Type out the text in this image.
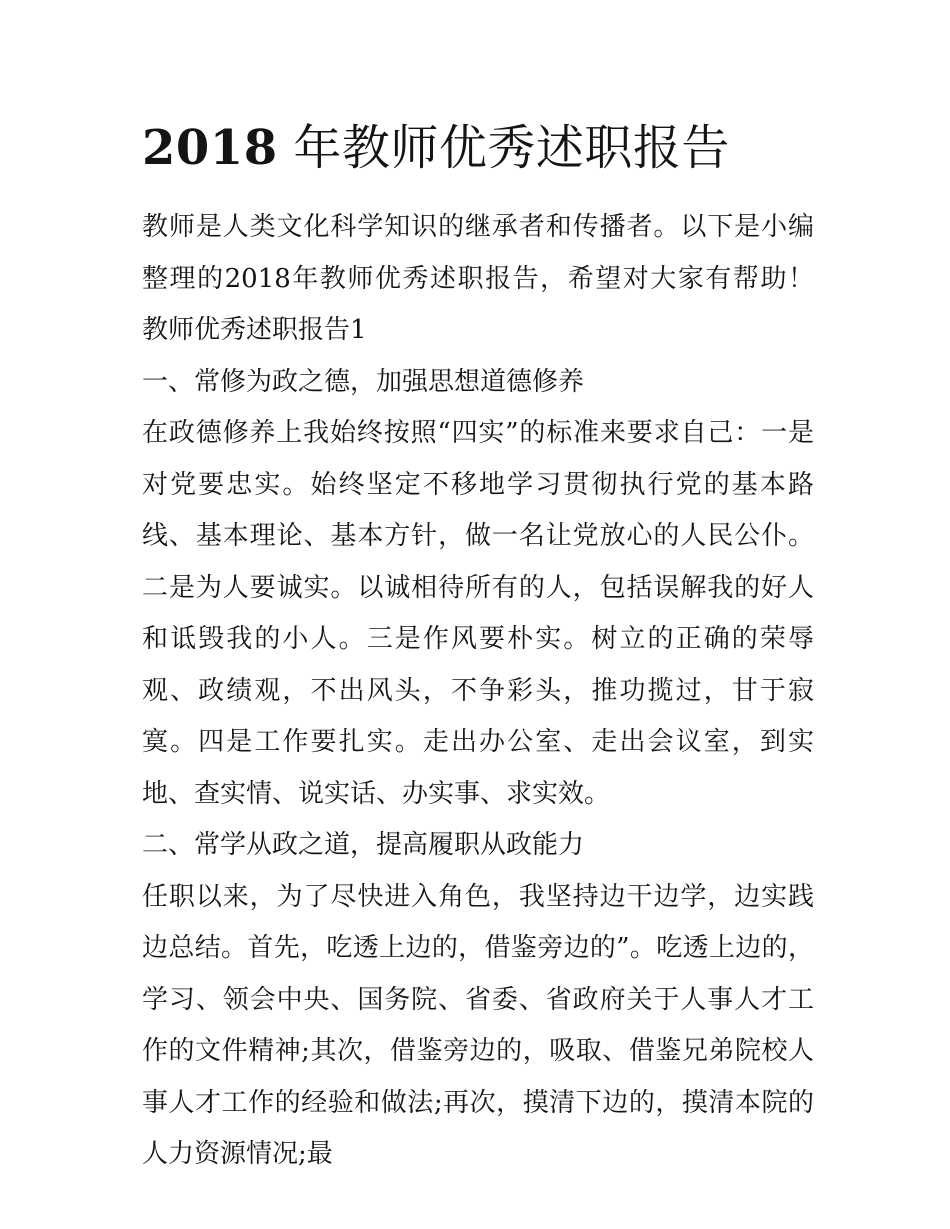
2018 年教师优秀述职报告

教师是人类文化科学知识的继承者和传播者。以下是小编整理的2018年教师优秀述职报告，希望对大家有帮助！ 教师优秀述职报告1

一、常修为政之德，加强思想道德修养

在政德修养上我始终按照“四实”的标准来要求自己：一是对党要忠实。始终坚定不移地学习贯彻执行党的基本路线、基本理论、基本方针，做一名让党放心的人民公仆。二是为人要诚实。以诚相待所有的人，包括误解我的好人和诋毁我的小人。三是作风要朴实。树立的正确的荣辱观、政绩观，不出风头，不争彩头，推功揽过，甘于寂寞。四是工作要扎实。走出办公室、走出会议室，到实地、查实情、说实话、办实事、求实效。

二、常学从政之道，提高履职从政能力

任职以来，为了尽快进入角色，我坚持边干边学，边实践边总结。首先，吃透上边的，借鉴旁边的”。吃透上边的，学习、领会中央、国务院、省委、省政府关于人事人才工作的文件精神;其次，借鉴旁边的，吸取、借鉴兄弟院校人事人才工作的经验和做法;再次，摸清下边的，摸清本院的人力资源情况;最
